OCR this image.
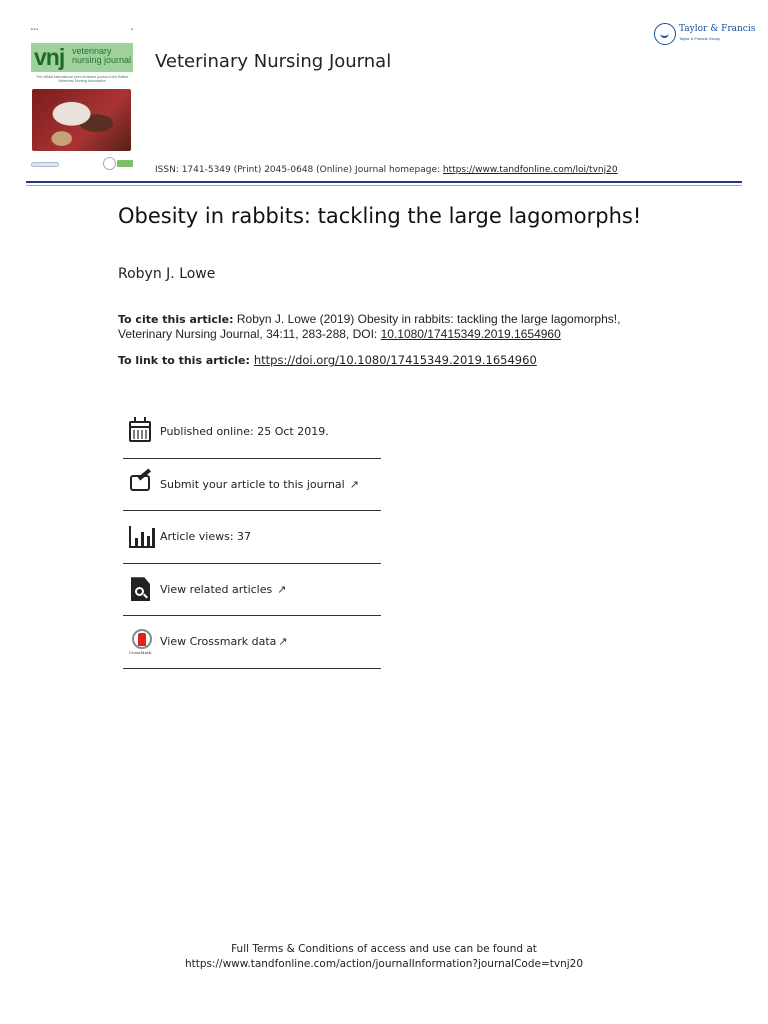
■ ■ ■	■
vnj veterinary
nursing journal
The official international peer-reviewed journal of the British Veterinary Nursing Association
Veterinary Nursing Journal
ISSN: 1741-5349 (Print) 2045-0648 (Online) Journal homepage: https://www.tandfonline.com/loi/tvnj20
Taylor & Francis
Taylor & Francis Group
Obesity in rabbits: tackling the large lagomorphs!
Robyn J. Lowe
To cite this article: Robyn J. Lowe (2019) Obesity in rabbits: tackling the large lagomorphs!, Veterinary Nursing Journal, 34:11, 283-288, DOI: 10.1080/17415349.2019.1654960
To link to this article: https://doi.org/10.1080/17415349.2019.1654960
Published online: 25 Oct 2019.
Submit your article to this journal ↗
Article views: 37
View related articles ↗
CrossMark
View Crossmark data ↗
Full Terms & Conditions of access and use can be found at
https://www.tandfonline.com/action/journalInformation?journalCode=tvnj20
